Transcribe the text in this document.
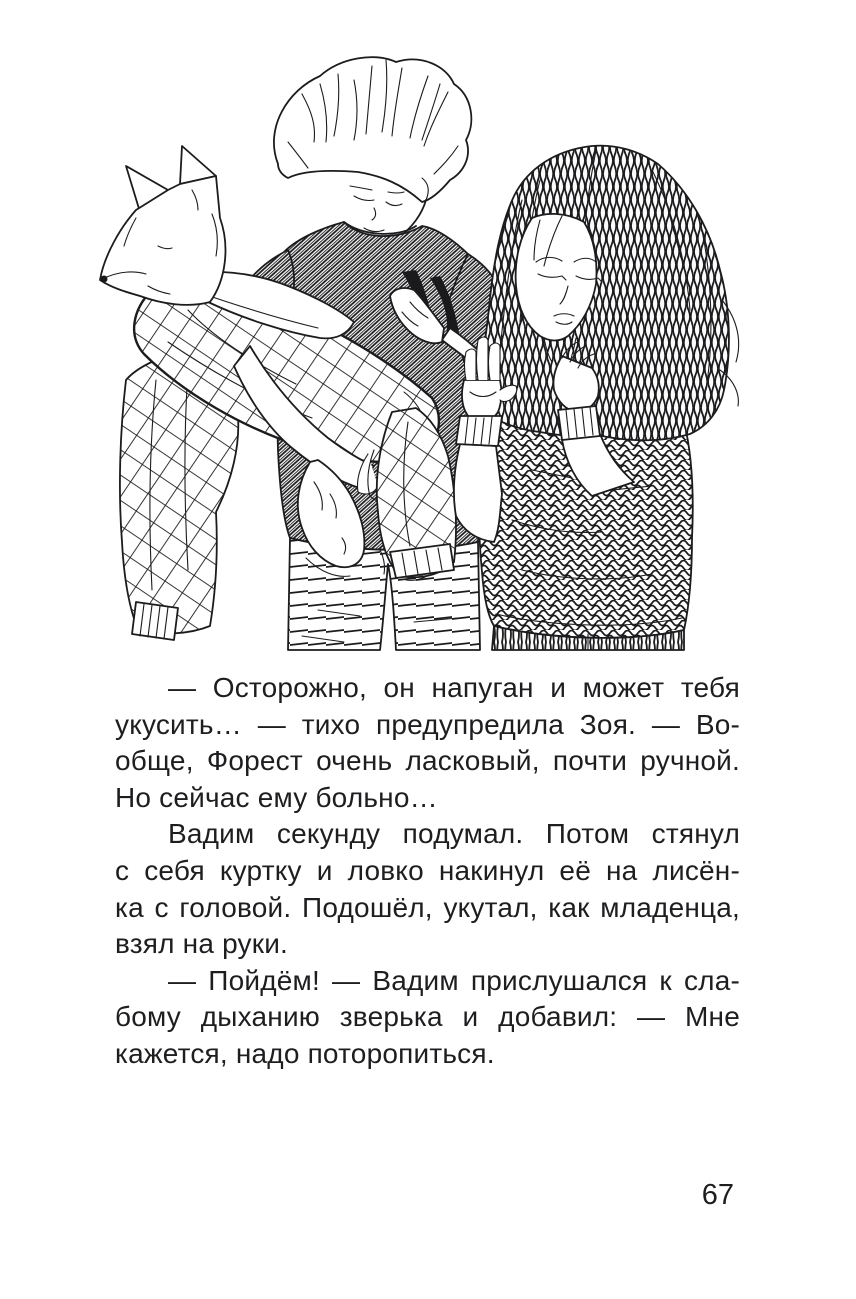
— Осторожно, он напуган и может тебя
укусить… — тихо предупредила Зоя. — Во-
обще, Форест очень ласковый, почти ручной.
Но сейчас ему больно…

Вадим секунду подумал. Потом стянул
с себя куртку и ловко накинул её на лисён-
ка с головой. Подошёл, укутал, как младенца,
взял на руки.

— Пойдём! — Вадим прислушался к сла-
бому дыханию зверька и добавил: — Мне
кажется, надо поторопиться.

67
